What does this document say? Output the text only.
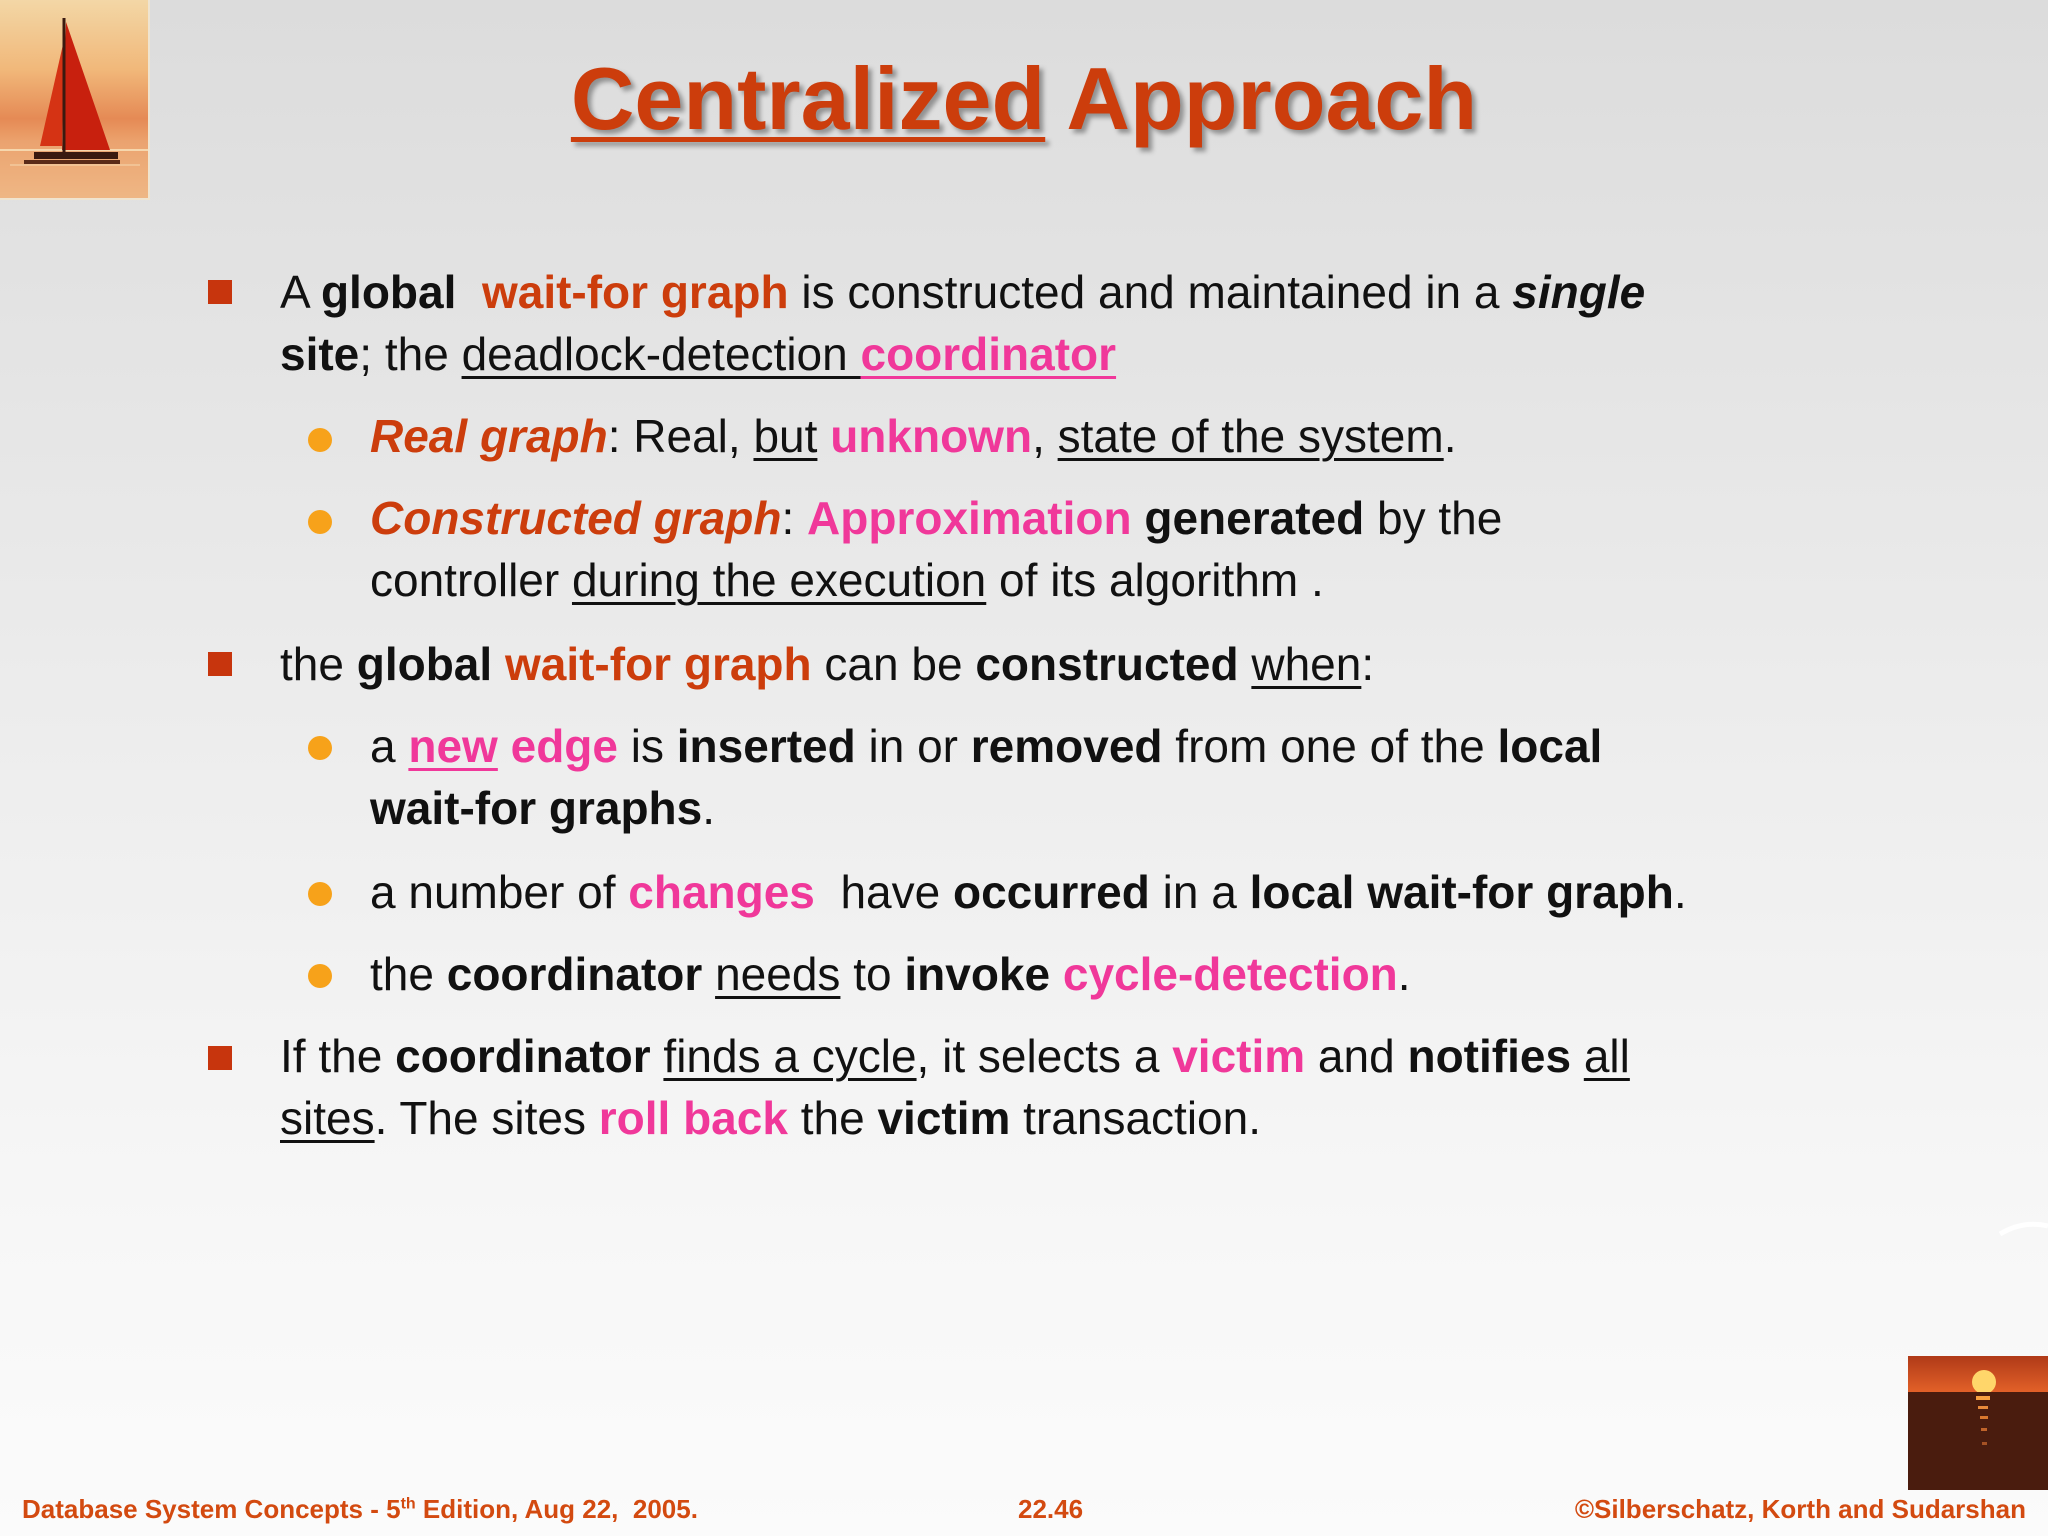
Centralized Approach
A global wait-for graph is constructed and maintained in a single
site; the deadlock-detection coordinator
Real graph: Real, but unknown, state of the system.
Constructed graph: Approximation generated by the
controller during the execution of its algorithm .
the global wait-for graph can be constructed when:
a new edge is inserted in or removed from one of the local
wait-for graphs.
a number of changes  have occurred in a local wait-for graph.
the coordinator needs to invoke cycle-detection.
If the coordinator finds a cycle, it selects a victim and notifies all
sites. The sites roll back the victim transaction.
Database System Concepts - 5th Edition, Aug 22,  2005.	22.46	©Silberschatz, Korth and Sudarshan
